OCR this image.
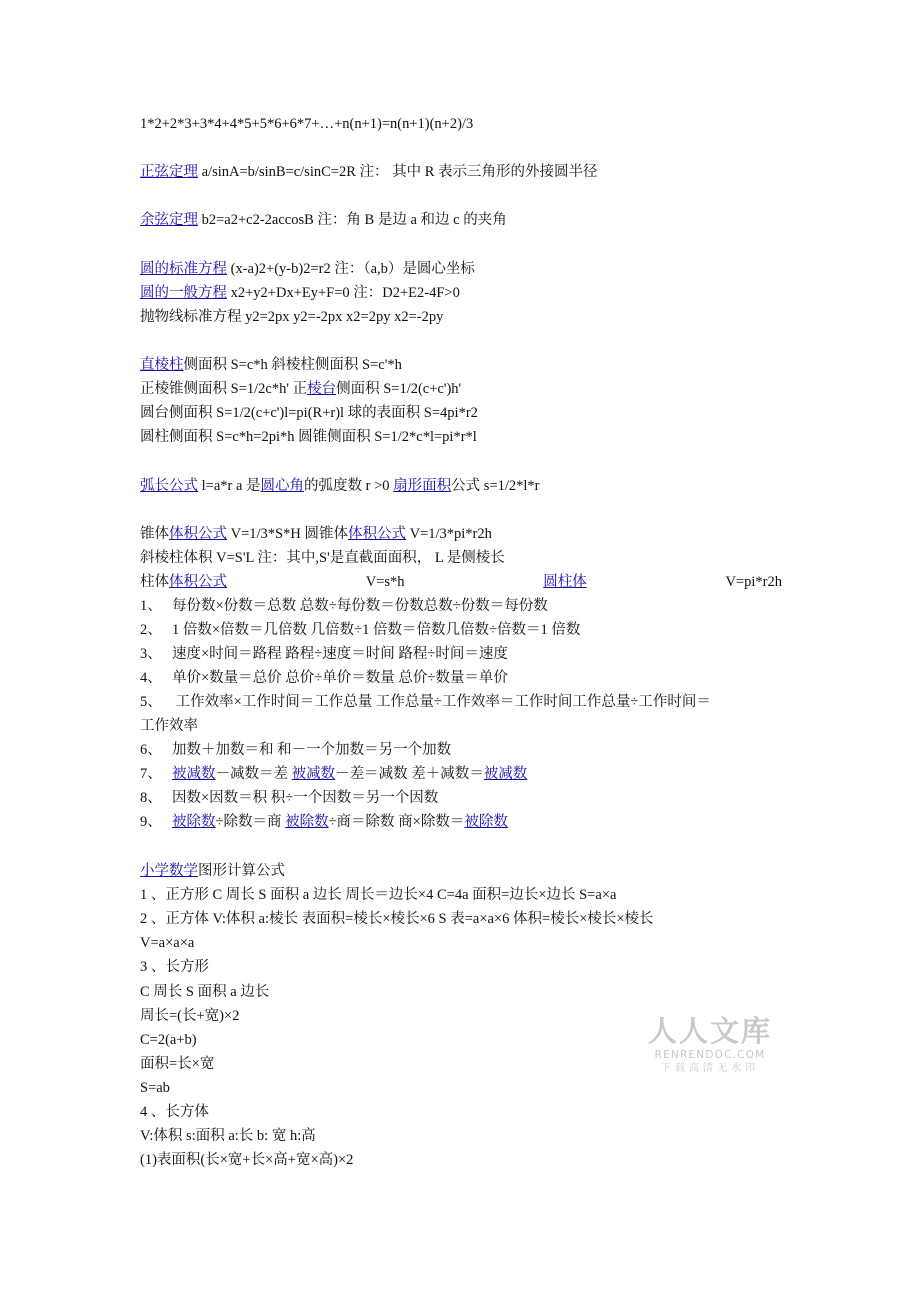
1*2+2*3+3*4+4*5+5*6+6*7+…+n(n+1)=n(n+1)(n+2)/3
正弦定理 a/sinA=b/sinB=c/sinC=2R 注： 其中 R 表示三角形的外接圆半径
余弦定理 b2=a2+c2-2accosB 注：角 B 是边 a 和边 c 的夹角
圆的标准方程 (x-a)2+(y-b)2=r2 注：（a,b）是圆心坐标
圆的一般方程 x2+y2+Dx+Ey+F=0 注：D2+E2-4F>0
抛物线标准方程 y2=2px y2=-2px x2=2py x2=-2py
直棱柱侧面积 S=c*h 斜棱柱侧面积 S=c'*h
正棱锥侧面积 S=1/2c*h' 正棱台侧面积 S=1/2(c+c')h'
圆台侧面积 S=1/2(c+c')l=pi(R+r)l 球的表面积 S=4pi*r2
圆柱侧面积 S=c*h=2pi*h 圆锥侧面积 S=1/2*c*l=pi*r*l
弧长公式 l=a*r a 是圆心角的弧度数 r >0 扇形面积公式 s=1/2*l*r
锥体体积公式 V=1/3*S*H 圆锥体体积公式 V=1/3*pi*r2h
斜棱柱体积 V=S'L 注：其中,S'是直截面面积， L 是侧棱长
柱体体积公式	V=s*h	圆柱体	V=pi*r2h
1、 每份数×份数＝总数 总数÷每份数＝份数总数÷份数＝每份数
2、 1 倍数×倍数＝几倍数 几倍数÷1 倍数＝倍数几倍数÷倍数＝1 倍数
3、 速度×时间＝路程 路程÷速度＝时间 路程÷时间＝速度
4、 单价×数量＝总价 总价÷单价＝数量 总价÷数量＝单价
5、 工作效率×工作时间＝工作总量 工作总量÷工作效率＝工作时间工作总量÷工作时间＝
工作效率
6、 加数＋加数＝和 和－一个加数＝另一个加数
7、 被减数－减数＝差 被减数－差＝减数 差＋减数＝被减数
8、 因数×因数＝积 积÷一个因数＝另一个因数
9、 被除数÷除数＝商 被除数÷商＝除数 商×除数＝被除数
小学数学图形计算公式
1 、正方形 C 周长 S 面积 a 边长 周长＝边长×4 C=4a 面积=边长×边长 S=a×a
2 、正方体 V:体积 a:棱长 表面积=棱长×棱长×6 S 表=a×a×6 体积=棱长×棱长×棱长
V=a×a×a
3 、长方形
C 周长 S 面积 a 边长
周长=(长+宽)×2
C=2(a+b)
面积=长×宽
S=ab
4 、长方体
V:体积 s:面积 a:长 b: 宽 h:高
(1)表面积(长×宽+长×高+宽×高)×2
人人文库
RENRENDOC.COM
下载高清无水印
